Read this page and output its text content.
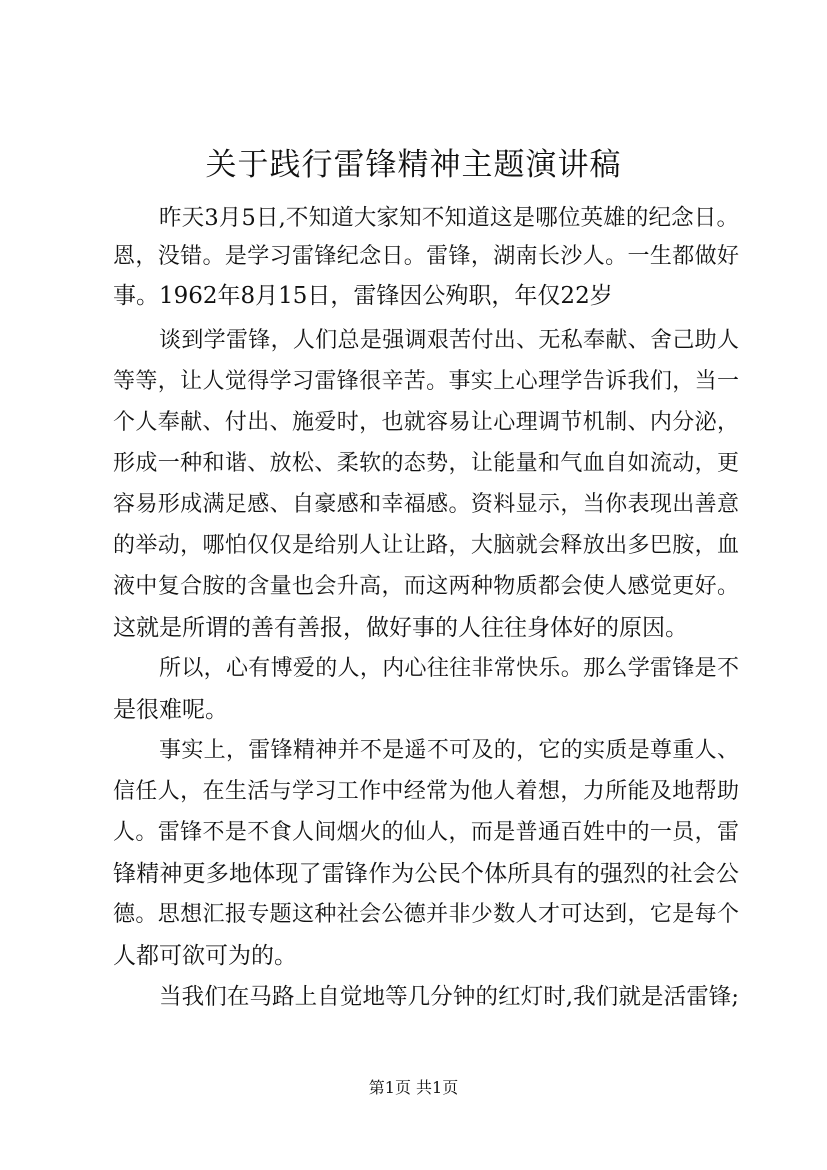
关于践行雷锋精神主题演讲稿
昨天3月5日,不知道大家知不知道这是哪位英雄的纪念日。
恩，没错。是学习雷锋纪念日。雷锋，湖南长沙人。一生都做好
事。1962年8月15日，雷锋因公殉职，年仅22岁
谈到学雷锋，人们总是强调艰苦付出、无私奉献、舍己助人
等等，让人觉得学习雷锋很辛苦。事实上心理学告诉我们，当一
个人奉献、付出、施爱时，也就容易让心理调节机制、内分泌，
形成一种和谐、放松、柔软的态势，让能量和气血自如流动，更
容易形成满足感、自豪感和幸福感。资料显示，当你表现出善意
的举动，哪怕仅仅是给别人让让路，大脑就会释放出多巴胺，血
液中复合胺的含量也会升高，而这两种物质都会使人感觉更好。
这就是所谓的善有善报，做好事的人往往身体好的原因。
所以，心有博爱的人，内心往往非常快乐。那么学雷锋是不
是很难呢。
事实上，雷锋精神并不是遥不可及的，它的实质是尊重人、
信任人，在生活与学习工作中经常为他人着想，力所能及地帮助
人。雷锋不是不食人间烟火的仙人，而是普通百姓中的一员，雷
锋精神更多地体现了雷锋作为公民个体所具有的强烈的社会公
德。思想汇报专题这种社会公德并非少数人才可达到，它是每个
人都可欲可为的。
当我们在马路上自觉地等几分钟的红灯时,我们就是活雷锋;
第1页 共1页
